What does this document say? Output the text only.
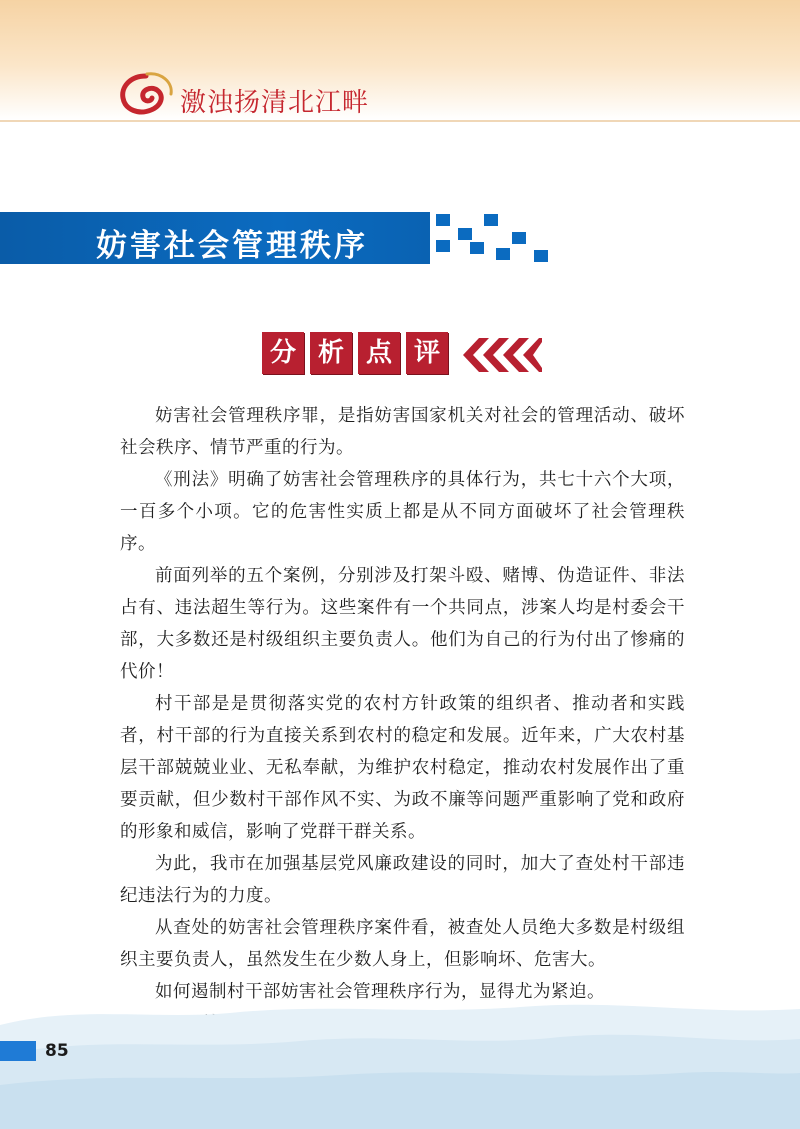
激浊扬清北江畔
妨害社会管理秩序
分 析 点 评

妨害社会管理秩序罪，是指妨害国家机关对社会的管理活动、破坏社会秩序、情节严重的行为。

《刑法》明确了妨害社会管理秩序的具体行为，共七十六个大项，一百多个小项。它的危害性实质上都是从不同方面破坏了社会管理秩序。

前面列举的五个案例，分别涉及打架斗殴、赌博、伪造证件、非法占有、违法超生等行为。这些案件有一个共同点，涉案人均是村委会干部，大多数还是村级组织主要负责人。他们为自己的行为付出了惨痛的代价！

村干部是是贯彻落实党的农村方针政策的组织者、推动者和实践者，村干部的行为直接关系到农村的稳定和发展。近年来，广大农村基层干部兢兢业业、无私奉献，为维护农村稳定，推动农村发展作出了重要贡献，但少数村干部作风不实、为政不廉等问题严重影响了党和政府的形象和威信，影响了党群干群关系。

为此，我市在加强基层党风廉政建设的同时，加大了查处村干部违纪违法行为的力度。

从查处的妨害社会管理秩序案件看，被查处人员绝大多数是村级组织主要负责人，虽然发生在少数人身上，但影响坏、危害大。

如何遏制村干部妨害社会管理秩序行为，显得尤为紧迫。

85
